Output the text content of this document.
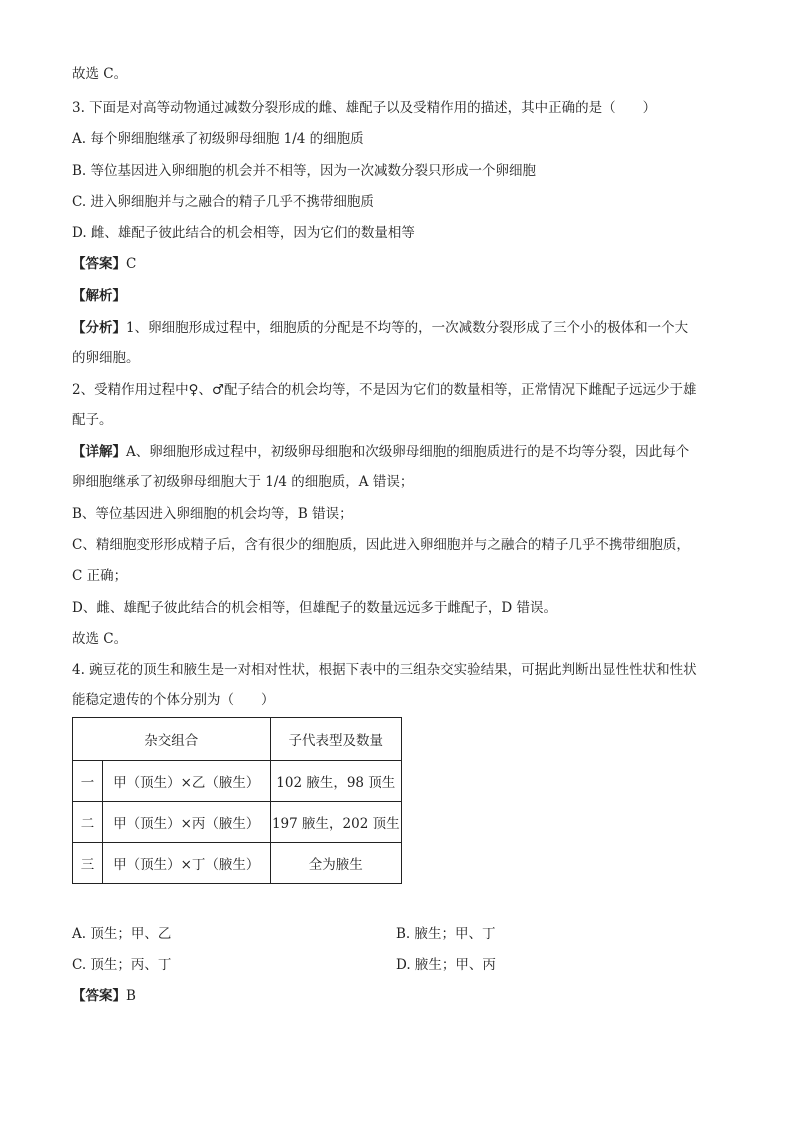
故选 C。
3. 下面是对高等动物通过减数分裂形成的雌、雄配子以及受精作用的描述，其中正确的是（　　）
A. 每个卵细胞继承了初级卵母细胞 1/4 的细胞质
B. 等位基因进入卵细胞的机会并不相等，因为一次减数分裂只形成一个卵细胞
C. 进入卵细胞并与之融合的精子几乎不携带细胞质
D. 雌、雄配子彼此结合的机会相等，因为它们的数量相等
【答案】C
【解析】
【分析】1、卵细胞形成过程中，细胞质的分配是不均等的，一次减数分裂形成了三个小的极体和一个大
的卵细胞。
2、受精作用过程中♀、♂配子结合的机会均等，不是因为它们的数量相等，正常情况下雌配子远远少于雄
配子。
【详解】A、卵细胞形成过程中，初级卵母细胞和次级卵母细胞的细胞质进行的是不均等分裂，因此每个
卵细胞继承了初级卵母细胞大于 1/4 的细胞质，A 错误；
B、等位基因进入卵细胞的机会均等，B 错误；
C、精细胞变形形成精子后，含有很少的细胞质，因此进入卵细胞并与之融合的精子几乎不携带细胞质，
C 正确；
D、雌、雄配子彼此结合的机会相等，但雄配子的数量远远多于雌配子，D 错误。
故选 C。
4. 豌豆花的顶生和腋生是一对相对性状，根据下表中的三组杂交实验结果，可据此判断出显性性状和性状
能稳定遗传的个体分别为（　　）
杂交组合		子代表型及数量
一	甲（顶生）×乙（腋生）	102 腋生，98 顶生
二	甲（顶生）×丙（腋生）	197 腋生，202 顶生
三	甲（顶生）×丁（腋生）	全为腋生
A. 顶生；甲、乙	B. 腋生；甲、丁
C. 顶生；丙、丁	D. 腋生；甲、丙
【答案】B
